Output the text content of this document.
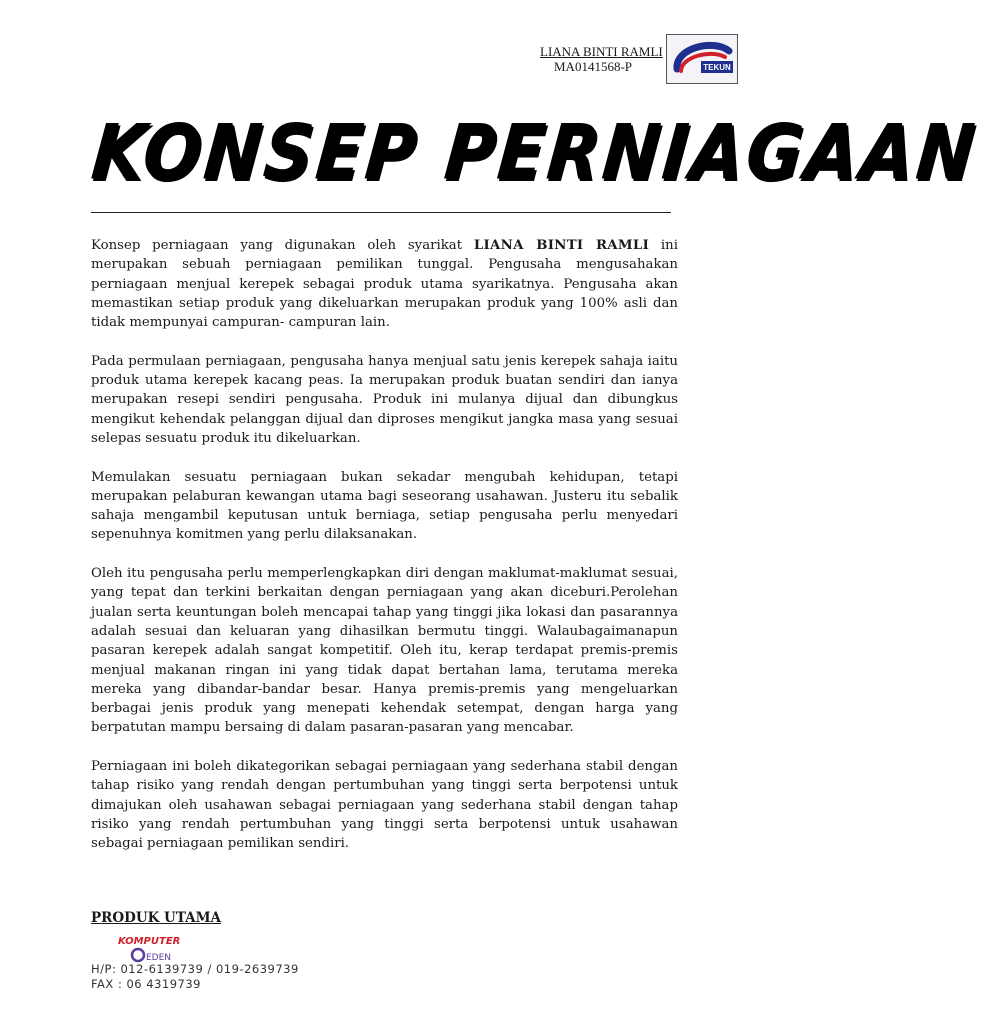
LIANA BINTI RAMLI
MA0141568-P	TEKUN
KONSEP PERNIAGAAN

Konsep perniagaan yang digunakan oleh syarikat LIANA BINTI RAMLI ini merupakan sebuah perniagaan pemilikan tunggal. Pengusaha mengusahakan perniagaan menjual kerepek sebagai produk utama syarikatnya. Pengusaha akan memastikan setiap produk yang dikeluarkan merupakan produk yang 100% asli dan tidak mempunyai campuran- campuran lain.

Pada permulaan perniagaan, pengusaha hanya menjual satu jenis kerepek sahaja iaitu produk utama kerepek kacang peas. Ia merupakan produk buatan sendiri dan ianya merupakan resepi sendiri pengusaha. Produk ini mulanya dijual dan dibungkus mengikut kehendak pelanggan dijual dan diproses mengikut jangka masa yang sesuai selepas sesuatu produk itu dikeluarkan.

Memulakan sesuatu perniagaan bukan sekadar mengubah kehidupan, tetapi merupakan pelaburan kewangan utama bagi seseorang usahawan. Justeru itu sebalik sahaja mengambil keputusan untuk berniaga, setiap pengusaha perlu menyedari sepenuhnya komitmen yang perlu dilaksanakan.

Oleh itu pengusaha perlu memperlengkapkan diri dengan maklumat-maklumat sesuai, yang tepat dan terkini berkaitan dengan perniagaan yang akan diceburi.Perolehan jualan serta keuntungan boleh mencapai tahap yang tinggi jika lokasi dan pasarannya adalah sesuai dan keluaran yang dihasilkan bermutu tinggi. Walaubagaimanapun pasaran kerepek adalah sangat kompetitif. Oleh itu, kerap terdapat premis-premis menjual makanan ringan ini yang tidak dapat bertahan lama, terutama mereka mereka yang dibandar-bandar besar. Hanya premis-premis yang mengeluarkan berbagai jenis produk yang menepati kehendak setempat, dengan harga yang berpatutan mampu bersaing di dalam pasaran-pasaran yang mencabar.

Perniagaan ini boleh dikategorikan sebagai perniagaan yang sederhana stabil dengan tahap risiko yang rendah dengan pertumbuhan yang tinggi serta berpotensi untuk dimajukan oleh usahawan sebagai perniagaan yang sederhana stabil dengan tahap risiko yang rendah pertumbuhan yang tinggi serta berpotensi untuk usahawan sebagai perniagaan pemilikan sendiri.

PRODUK UTAMA
KOMPUTER
EDEN
H/P: 012-6139739 / 019-2639739
FAX : 06 4319739
